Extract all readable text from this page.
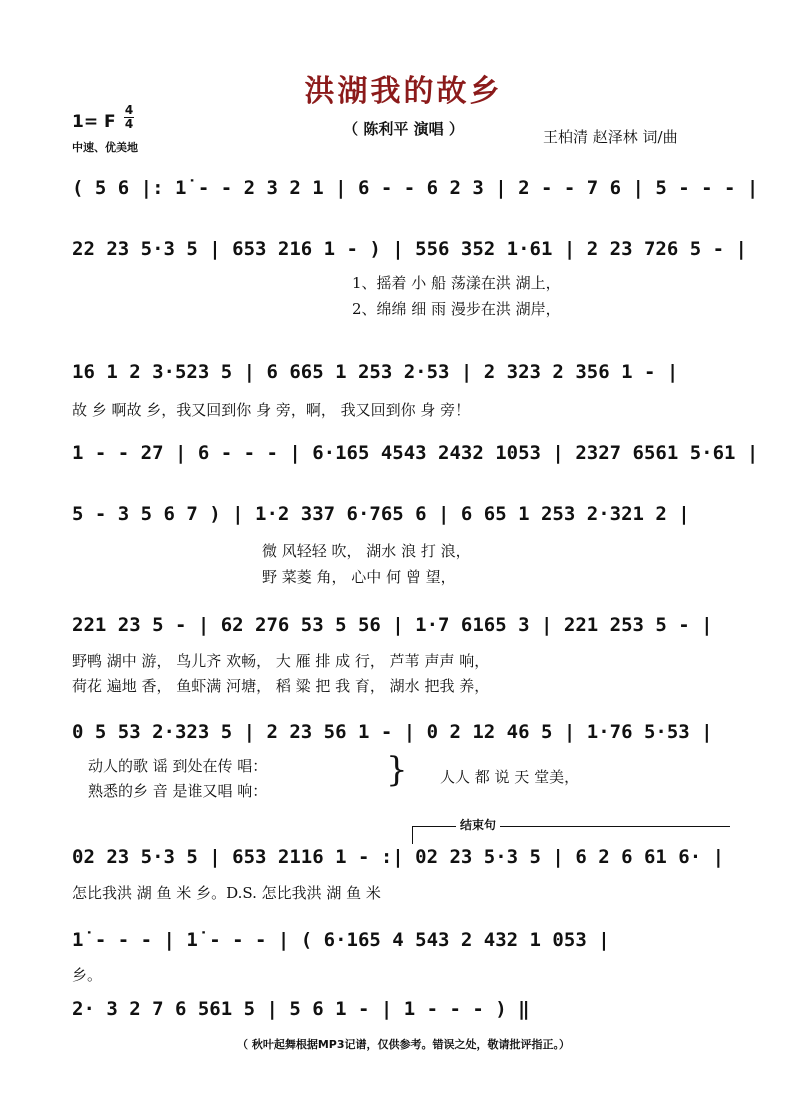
洪湖我的故乡
（ 陈利平 演唱 ）	王柏清 赵泽林 词/曲
1= F
4
4
中速、优美地
( 5 6 |: 1̇ - - 2 3 2 1 | 6 - - 6 2 3 | 2 - - 7 6 | 5 - - - |
22 23 5·3 5 | 653 216 1 - ) | 556 352 1·61 | 2 23 726 5 - |
1、摇着 小 船 荡漾在洪 湖上，
2、绵绵 细 雨 漫步在洪 湖岸，
16 1 2 3·523 5 | 6 665 1 253 2·53 | 2 323 2 356 1 - |
故 乡 啊故 乡，我又回到你 身 旁，啊， 我又回到你 身 旁！
1 - - 27 | 6 - - - | 6·165 4543 2432 1053 | 2327 6561 5·61 |
5 - 3 5 6 7 ) | 1·2 337 6·765 6 | 6 65 1 253 2·321 2 |
微 风轻轻 吹， 湖水 浪 打 浪，
野 菜菱 角， 心中 何 曾 望，
221 23 5 - | 62 276 53 5 56 | 1·7 6165 3 | 221 253 5 - |
野鸭 湖中 游， 鸟儿齐 欢畅， 大 雁 排 成 行， 芦苇 声声 响，
荷花 遍地 香， 鱼虾满 河塘， 稻 粱 把 我 育， 湖水 把我 养，
0 5 53 2·323 5 | 2 23 56 1 - | 0 2 12 46 5 | 1·76 5·53 |
动人的歌 谣 到处在传 唱：
熟悉的乡 音 是谁又唱 响：
} 人人 都 说 天 堂美，
结束句
02 23 5·3 5 | 653 2116 1 - :| 02 23 5·3 5 | 6 2 6 61 6· |
怎比我洪 湖 鱼 米 乡。D.S. 怎比我洪 湖 鱼 米
1̇ - - - | 1̇ - - - | ( 6·165 4 543 2 432 1 053 |
乡。
2· 3 2 7 6 561 5 | 5 6 1 - | 1 - - - ) ‖
（ 秋叶起舞根据MP3记谱，仅供参考。错误之处，敬请批评指正。）
